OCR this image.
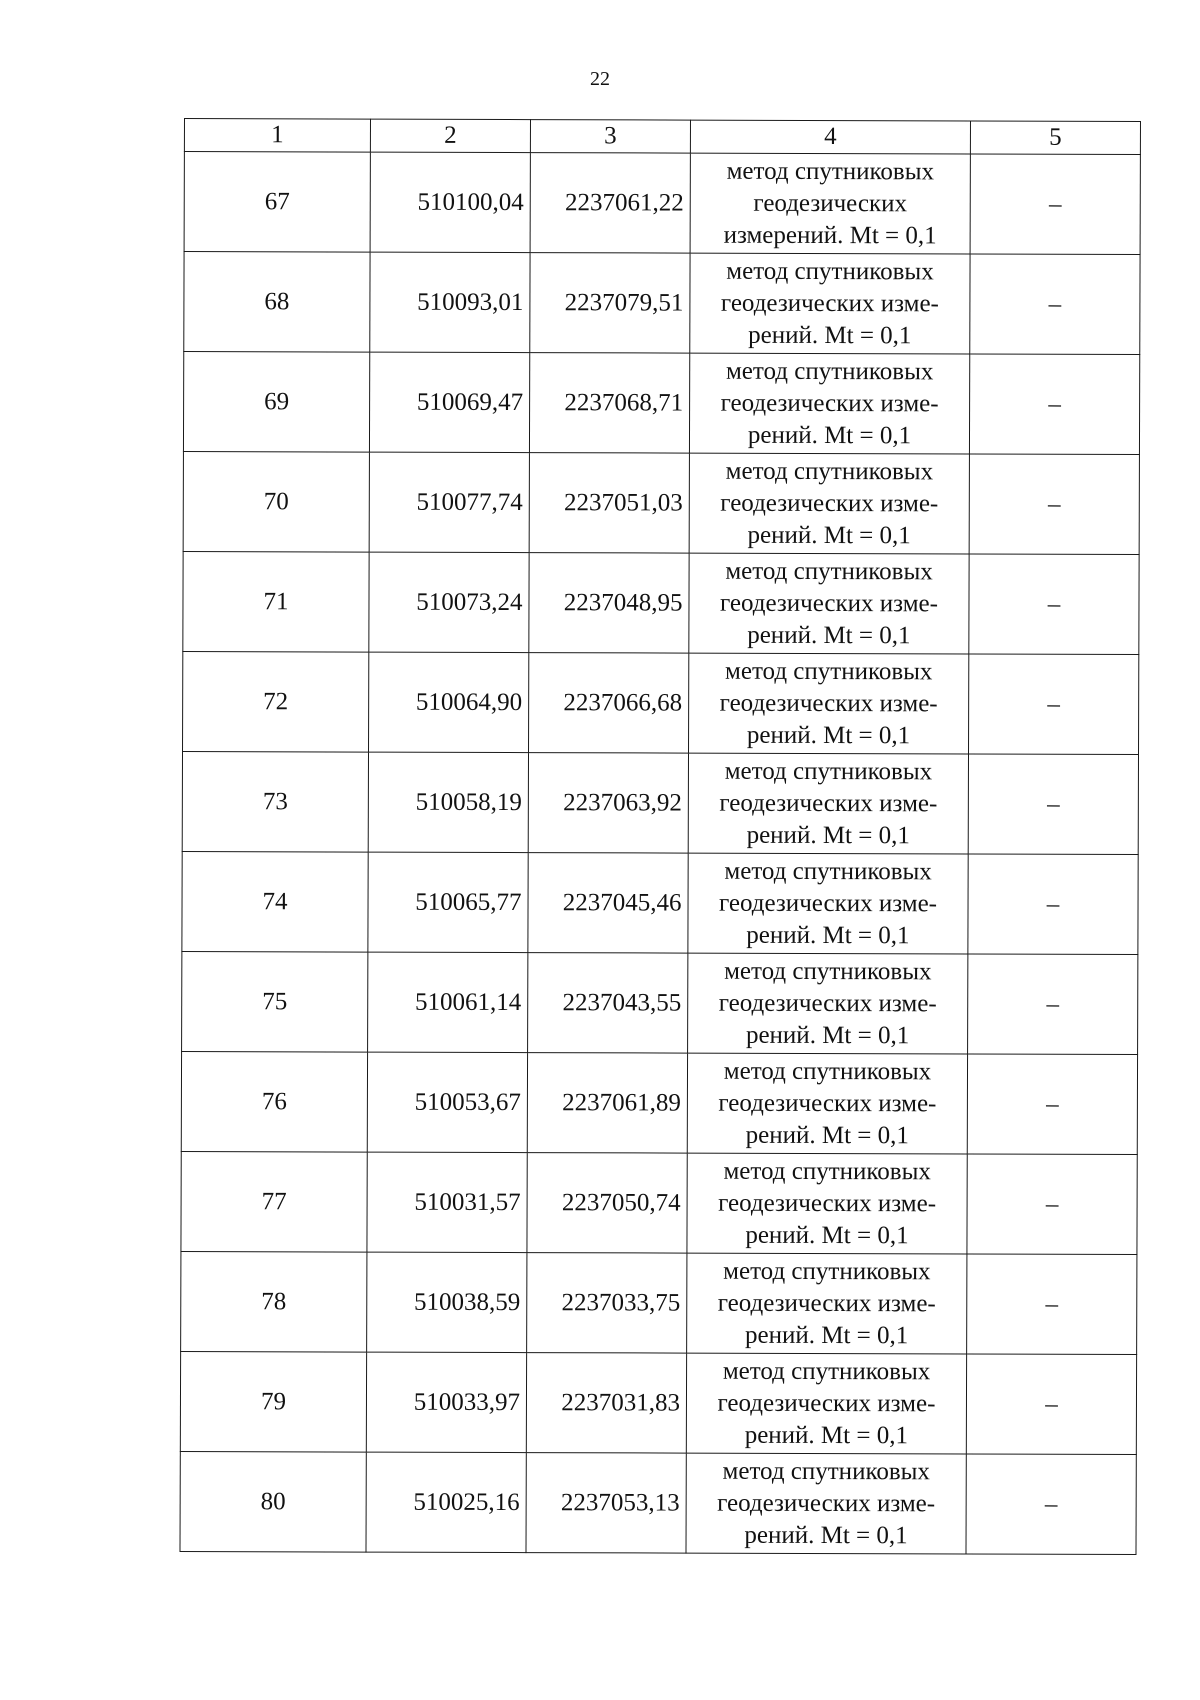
22
1	2	3	4	5
67	510100,04	2237061,22	метод спутниковых
геодезических
измерений. Mt = 0,1	–
68	510093,01	2237079,51	метод спутниковых
геодезических изме-
рений. Mt = 0,1	–
69	510069,47	2237068,71	метод спутниковых
геодезических изме-
рений. Mt = 0,1	–
70	510077,74	2237051,03	метод спутниковых
геодезических изме-
рений. Mt = 0,1	–
71	510073,24	2237048,95	метод спутниковых
геодезических изме-
рений. Mt = 0,1	–
72	510064,90	2237066,68	метод спутниковых
геодезических изме-
рений. Mt = 0,1	–
73	510058,19	2237063,92	метод спутниковых
геодезических изме-
рений. Mt = 0,1	–
74	510065,77	2237045,46	метод спутниковых
геодезических изме-
рений. Mt = 0,1	–
75	510061,14	2237043,55	метод спутниковых
геодезических изме-
рений. Mt = 0,1	–
76	510053,67	2237061,89	метод спутниковых
геодезических изме-
рений. Mt = 0,1	–
77	510031,57	2237050,74	метод спутниковых
геодезических изме-
рений. Mt = 0,1	–
78	510038,59	2237033,75	метод спутниковых
геодезических изме-
рений. Mt = 0,1	–
79	510033,97	2237031,83	метод спутниковых
геодезических изме-
рений. Mt = 0,1	–
80	510025,16	2237053,13	метод спутниковых
геодезических изме-
рений. Mt = 0,1	–
